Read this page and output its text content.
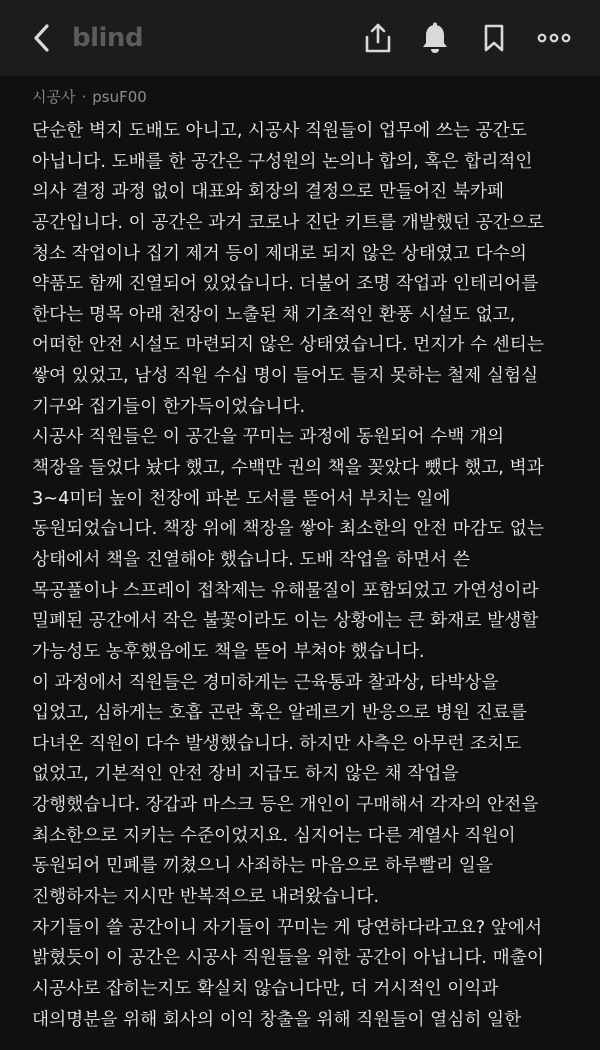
blind
시공사 · psuF00
단순한 벽지 도배도 아니고, 시공사 직원들이 업무에 쓰는 공간도
아닙니다. 도배를 한 공간은 구성원의 논의나 합의, 혹은 합리적인
의사 결정 과정 없이 대표와 회장의 결정으로 만들어진 북카페
공간입니다. 이 공간은 과거 코로나 진단 키트를 개발했던 공간으로
청소 작업이나 집기 제거 등이 제대로 되지 않은 상태였고 다수의
약품도 함께 진열되어 있었습니다. 더불어 조명 작업과 인테리어를
한다는 명목 아래 천장이 노출된 채 기초적인 환풍 시설도 없고,
어떠한 안전 시설도 마련되지 않은 상태였습니다. 먼지가 수 센티는
쌓여 있었고, 남성 직원 수십 명이 들어도 들지 못하는 철제 실험실
기구와 집기들이 한가득이었습니다.
시공사 직원들은 이 공간을 꾸미는 과정에 동원되어 수백 개의
책장을 들었다 놨다 했고, 수백만 권의 책을 꽂았다 뺐다 했고, 벽과
3~4미터 높이 천장에 파본 도서를 뜯어서 부치는 일에
동원되었습니다. 책장 위에 책장을 쌓아 최소한의 안전 마감도 없는
상태에서 책을 진열해야 했습니다. 도배 작업을 하면서 쓴
목공풀이나 스프레이 접착제는 유해물질이 포함되었고 가연성이라
밀폐된 공간에서 작은 불꽃이라도 이는 상황에는 큰 화재로 발생할
가능성도 농후했음에도 책을 뜯어 부쳐야 했습니다.
이 과정에서 직원들은 경미하게는 근육통과 찰과상, 타박상을
입었고, 심하게는 호흡 곤란 혹은 알레르기 반응으로 병원 진료를
다녀온 직원이 다수 발생했습니다. 하지만 사측은 아무런 조치도
없었고, 기본적인 안전 장비 지급도 하지 않은 채 작업을
강행했습니다. 장갑과 마스크 등은 개인이 구매해서 각자의 안전을
최소한으로 지키는 수준이었지요. 심지어는 다른 계열사 직원이
동원되어 민폐를 끼쳤으니 사죄하는 마음으로 하루빨리 일을
진행하자는 지시만 반복적으로 내려왔습니다.
자기들이 쓸 공간이니 자기들이 꾸미는 게 당연하다라고요? 앞에서
밝혔듯이 이 공간은 시공사 직원들을 위한 공간이 아닙니다. 매출이
시공사로 잡히는지도 확실치 않습니다만, 더 거시적인 이익과
대의명분을 위해 회사의 이익 창출을 위해 직원들이 열심히 일한
